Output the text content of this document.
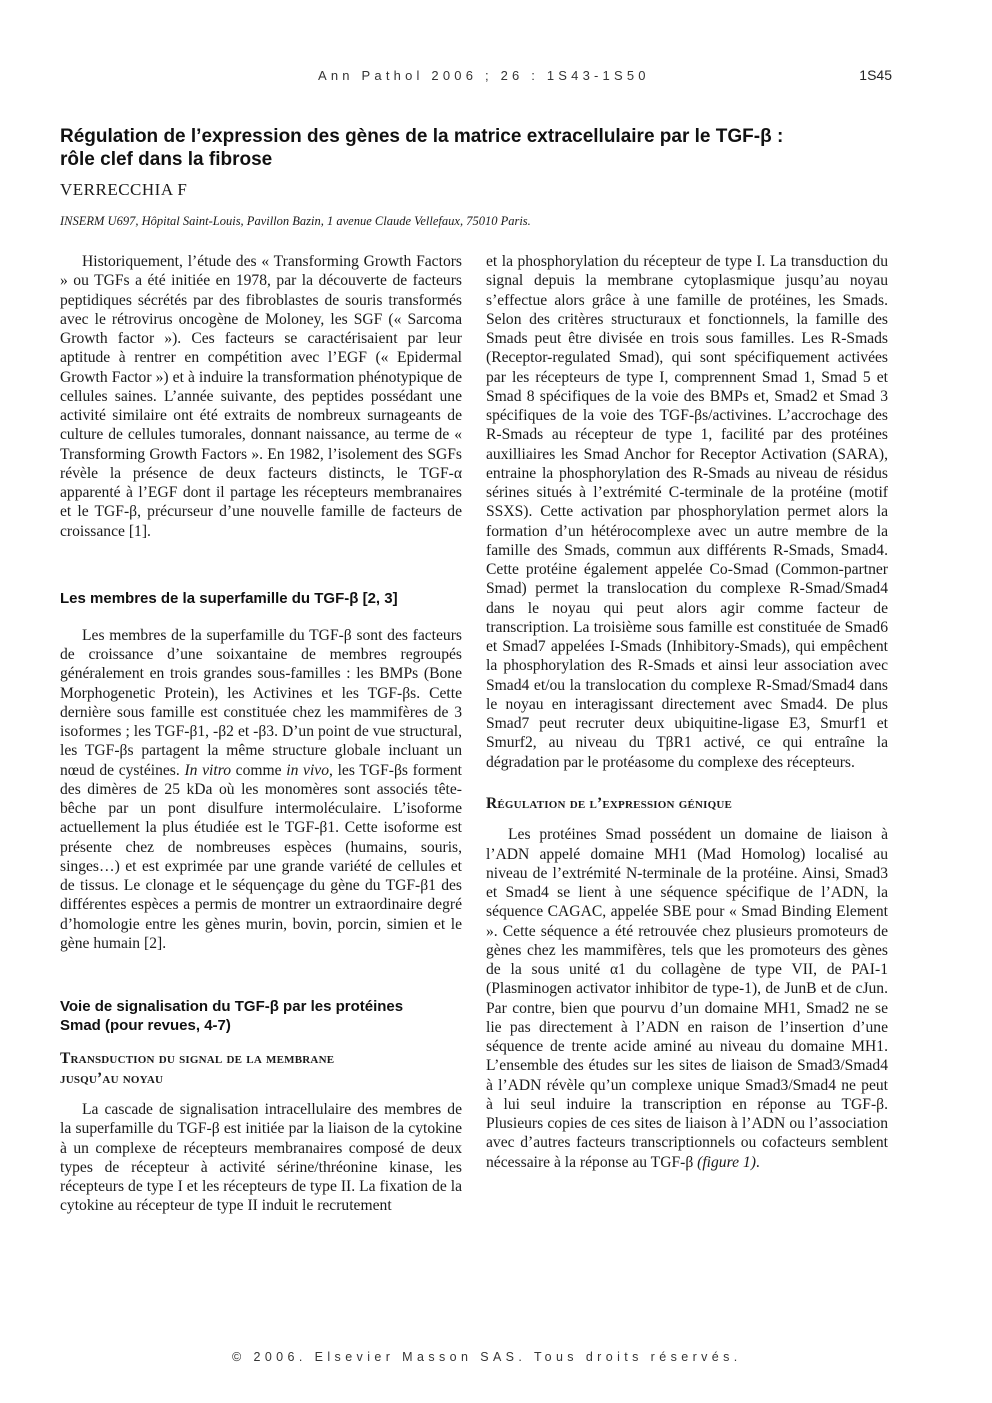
Ann Pathol 2006 ; 26 : 1S43-1S50	1S45
Régulation de l’expression des gènes de la matrice extracellulaire par le TGF-β :
rôle clef dans la fibrose

VERRECCHIA F

INSERM U697, Hôpital Saint-Louis, Pavillon Bazin, 1 avenue Claude Vellefaux, 75010 Paris.

Historiquement, l’étude des « Transforming Growth Factors » ou TGFs a été initiée en 1978, par la découverte de facteurs peptidiques sécrétés par des fibroblastes de souris transformés avec le rétrovirus oncogène de Moloney, les SGF (« Sarcoma Growth factor »). Ces facteurs se caractérisaient par leur aptitude à rentrer en compétition avec l’EGF (« Epidermal Growth Factor ») et à induire la transformation phénotypique de cellules saines. L’année suivante, des peptides possédant une activité similaire ont été extraits de nombreux surnageants de culture de cellules tumorales, donnant naissance, au terme de « Transforming Growth Factors ». En 1982, l’isolement des SGFs révèle la présence de deux facteurs distincts, le TGF-α apparenté à l’EGF dont il partage les récepteurs membranaires et le TGF-β, précurseur d’une nouvelle famille de facteurs de croissance [1].

Les membres de la superfamille du TGF-β [2, 3]

Les membres de la superfamille du TGF-β sont des facteurs de croissance d’une soixantaine de membres regroupés généralement en trois grandes sous-familles : les BMPs (Bone Morphogenetic Protein), les Activines et les TGF-βs. Cette dernière sous famille est constituée chez les mammifères de 3 isoformes ; les TGF-β1, -β2 et -β3. D’un point de vue structural, les TGF-βs partagent la même structure globale incluant un nœud de cystéines. In vitro comme in vivo, les TGF-βs forment des dimères de 25 kDa où les monomères sont associés tête-bêche par un pont disulfure intermoléculaire. L’isoforme actuellement la plus étudiée est le TGF-β1. Cette isoforme est présente chez de nombreuses espèces (humains, souris, singes…) et est exprimée par une grande variété de cellules et de tissus. Le clonage et le séquençage du gène du TGF-β1 des différentes espèces a permis de montrer un extraordinaire degré d’homologie entre les gènes murin, bovin, porcin, simien et le gène humain [2].

Voie de signalisation du TGF-β par les protéines
Smad (pour revues, 4-7)
Transduction du signal de la membrane
jusqu’au noyau

La cascade de signalisation intracellulaire des membres de la superfamille du TGF-β est initiée par la liaison de la cytokine à un complexe de récepteurs membranaires composé de deux types de récepteur à activité sérine/thréonine kinase, les récepteurs de type I et les récepteurs de type II. La fixation de la cytokine au récepteur de type II induit le recrutement

et la phosphorylation du récepteur de type I. La transduction du signal depuis la membrane cytoplasmique jusqu’au noyau s’effectue alors grâce à une famille de protéines, les Smads. Selon des critères structuraux et fonctionnels, la famille des Smads peut être divisée en trois sous familles. Les R-Smads (Receptor-regulated Smad), qui sont spécifiquement activées par les récepteurs de type I, comprennent Smad 1, Smad 5 et Smad 8 spécifiques de la voie des BMPs et, Smad2 et Smad 3 spécifiques de la voie des TGF-βs/activines. L’accrochage des R-Smads au récepteur de type 1, facilité par des protéines auxilliaires les Smad Anchor for Receptor Activation (SARA), entraine la phosphorylation des R-Smads au niveau de résidus sérines situés à l’extrémité C-terminale de la protéine (motif SSXS). Cette activation par phosphorylation permet alors la formation d’un hétérocomplexe avec un autre membre de la famille des Smads, commun aux différents R-Smads, Smad4. Cette protéine également appelée Co-Smad (Common-partner Smad) permet la translocation du complexe R-Smad/Smad4 dans le noyau qui peut alors agir comme facteur de transcription. La troisième sous famille est constituée de Smad6 et Smad7 appelées I-Smads (Inhibitory-Smads), qui empêchent la phosphorylation des R-Smads et ainsi leur association avec Smad4 et/ou la translocation du complexe R-Smad/Smad4 dans le noyau en interagissant directement avec Smad4. De plus Smad7 peut recruter deux ubiquitine-ligase E3, Smurf1 et Smurf2, au niveau du TβR1 activé, ce qui entraîne la dégradation par le protéasome du complexe des récepteurs.

Régulation de l’expression génique

Les protéines Smad possédent un domaine de liaison à l’ADN appelé domaine MH1 (Mad Homolog) localisé au niveau de l’extrémité N-terminale de la protéine. Ainsi, Smad3 et Smad4 se lient à une séquence spécifique de l’ADN, la séquence CAGAC, appelée SBE pour « Smad Binding Element ». Cette séquence a été retrouvée chez plusieurs promoteurs de gènes chez les mammifères, tels que les promoteurs des gènes de la sous unité α1 du collagène de type VII, de PAI-1 (Plasminogen activator inhibitor de type-1), de JunB et de cJun. Par contre, bien que pourvu d’un domaine MH1, Smad2 ne se lie pas directement à l’ADN en raison de l’insertion d’une séquence de trente acide aminé au niveau du domaine MH1. L’ensemble des études sur les sites de liaison de Smad3/Smad4 à l’ADN révèle qu’un complexe unique Smad3/Smad4 ne peut à lui seul induire la transcription en réponse au TGF-β. Plusieurs copies de ces sites de liaison à l’ADN ou l’association avec d’autres facteurs transcriptionnels ou cofacteurs semblent nécessaire à la réponse au TGF-β (figure 1).

© 2006. Elsevier Masson SAS. Tous droits réservés.
